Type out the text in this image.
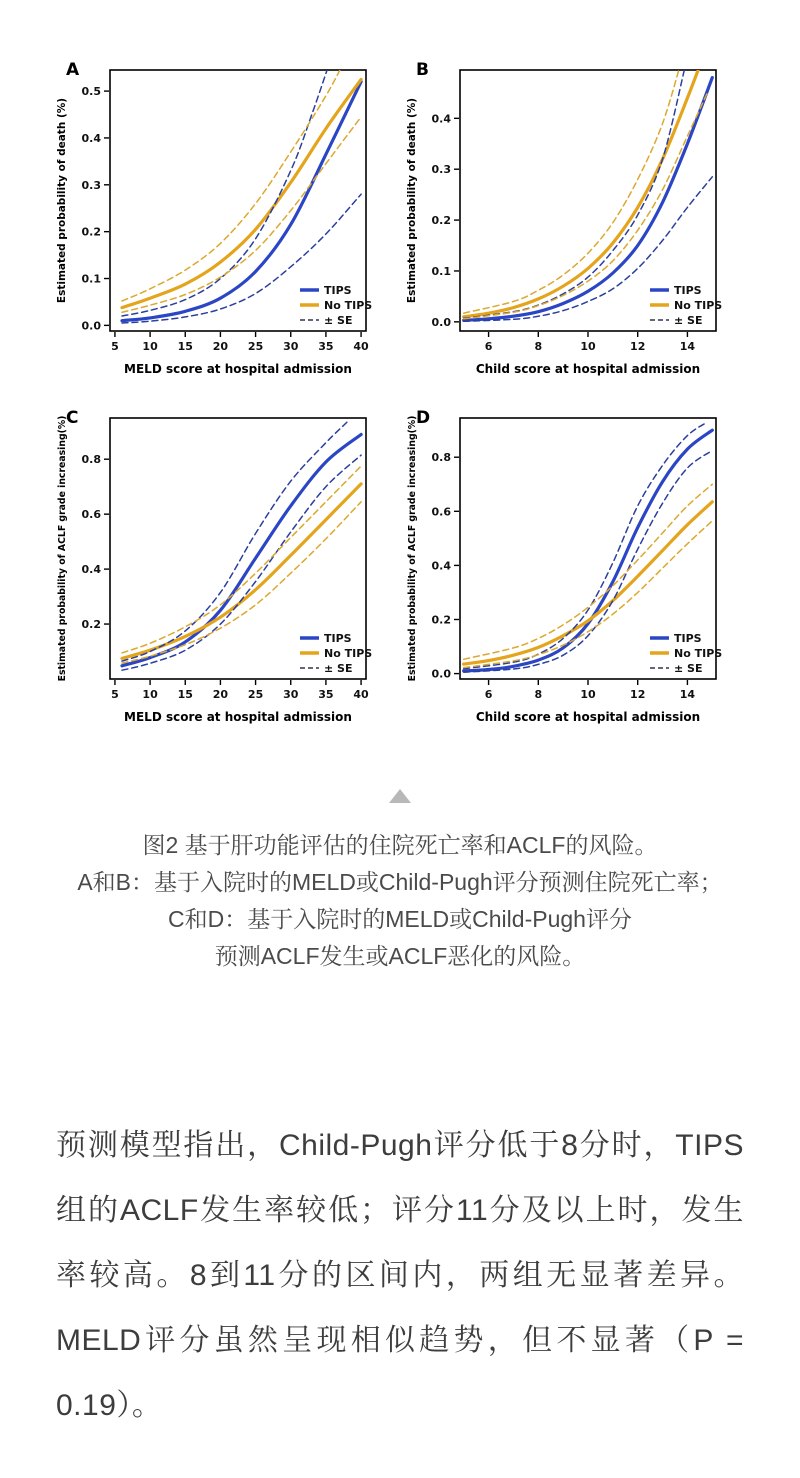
A
5 10 15 20 25 30 35 40
0.0
0.1
0.2
0.3
0.4
0.5
TIPS
No TIPS
± SE
MELD score at hospital admission
Estimated probability of death (%)
B
6	8	10	12	14
0.0
0.1
0.2
0.3
0.4
TIPS
No TIPS
± SE
Child score at hospital admission
Estimated probability of death (%)
C
5 10 15 20 25 30 35 40
0.2
0.4
0.6
0.8
TIPS
No TIPS
± SE
MELD score at hospital admission
Estimated probability of ACLF grade increasing(%)	D
6	8	10	12	14
0.0
0.2
0.4
0.6
0.8
TIPS
No TIPS
± SE
Child score at hospital admission
Estimated probability of ACLF grade increasing(%)
图2 基于肝功能评估的住院死亡率和ACLF的风险。
A和B：基于入院时的MELD或Child-Pugh评分预测住院死亡率；
C和D：基于入院时的MELD或Child-Pugh评分
预测ACLF发生或ACLF恶化的风险。

预测模型指出，Child-Pugh评分低于8分时，TIPS组的ACLF发生率较低；评分11分及以上时，发生率较高。8到11分的区间内，两组无显著差异。MELD评分虽然呈现相似趋势，但不显著（P = 0.19）。
